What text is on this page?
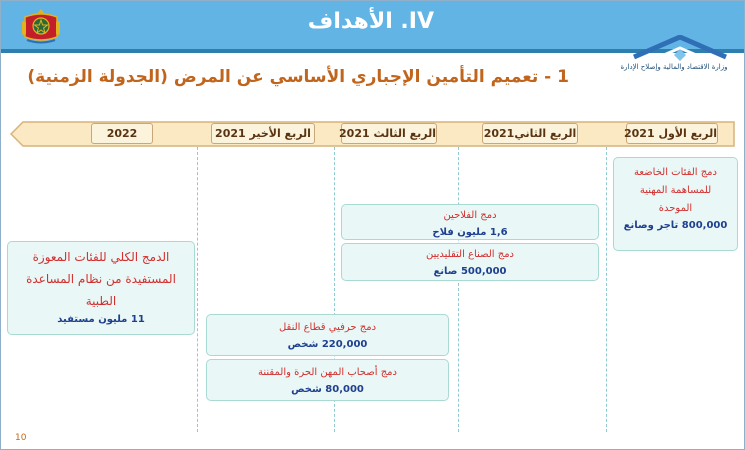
IV. الأهداف
وزارة الاقتصاد والمالية وإصلاح الإدارة
1 - تعميم التأمين الإجباري الأساسي عن المرض (الجدولة الزمنية)
الربع الأول 2021
الربع الثاني2021
الربع الثالث 2021
الربع الأخير 2021
2022
دمج الفئات الخاضعة للمساهمة المهنية الموحدة
800,000 تاجر وصانع
دمج الفلاحين
1,6 مليون فلاح
دمج الصناع التقليديين
500,000 صانع
دمج حرفيي قطاع النقل
220,000 شخص
دمج أصحاب المهن الحرة والمقننة
80,000 شخص
الدمج الكلي للفئات المعوزة المستفيدة من نظام المساعدة الطبية
11 مليون مستفيد
10
